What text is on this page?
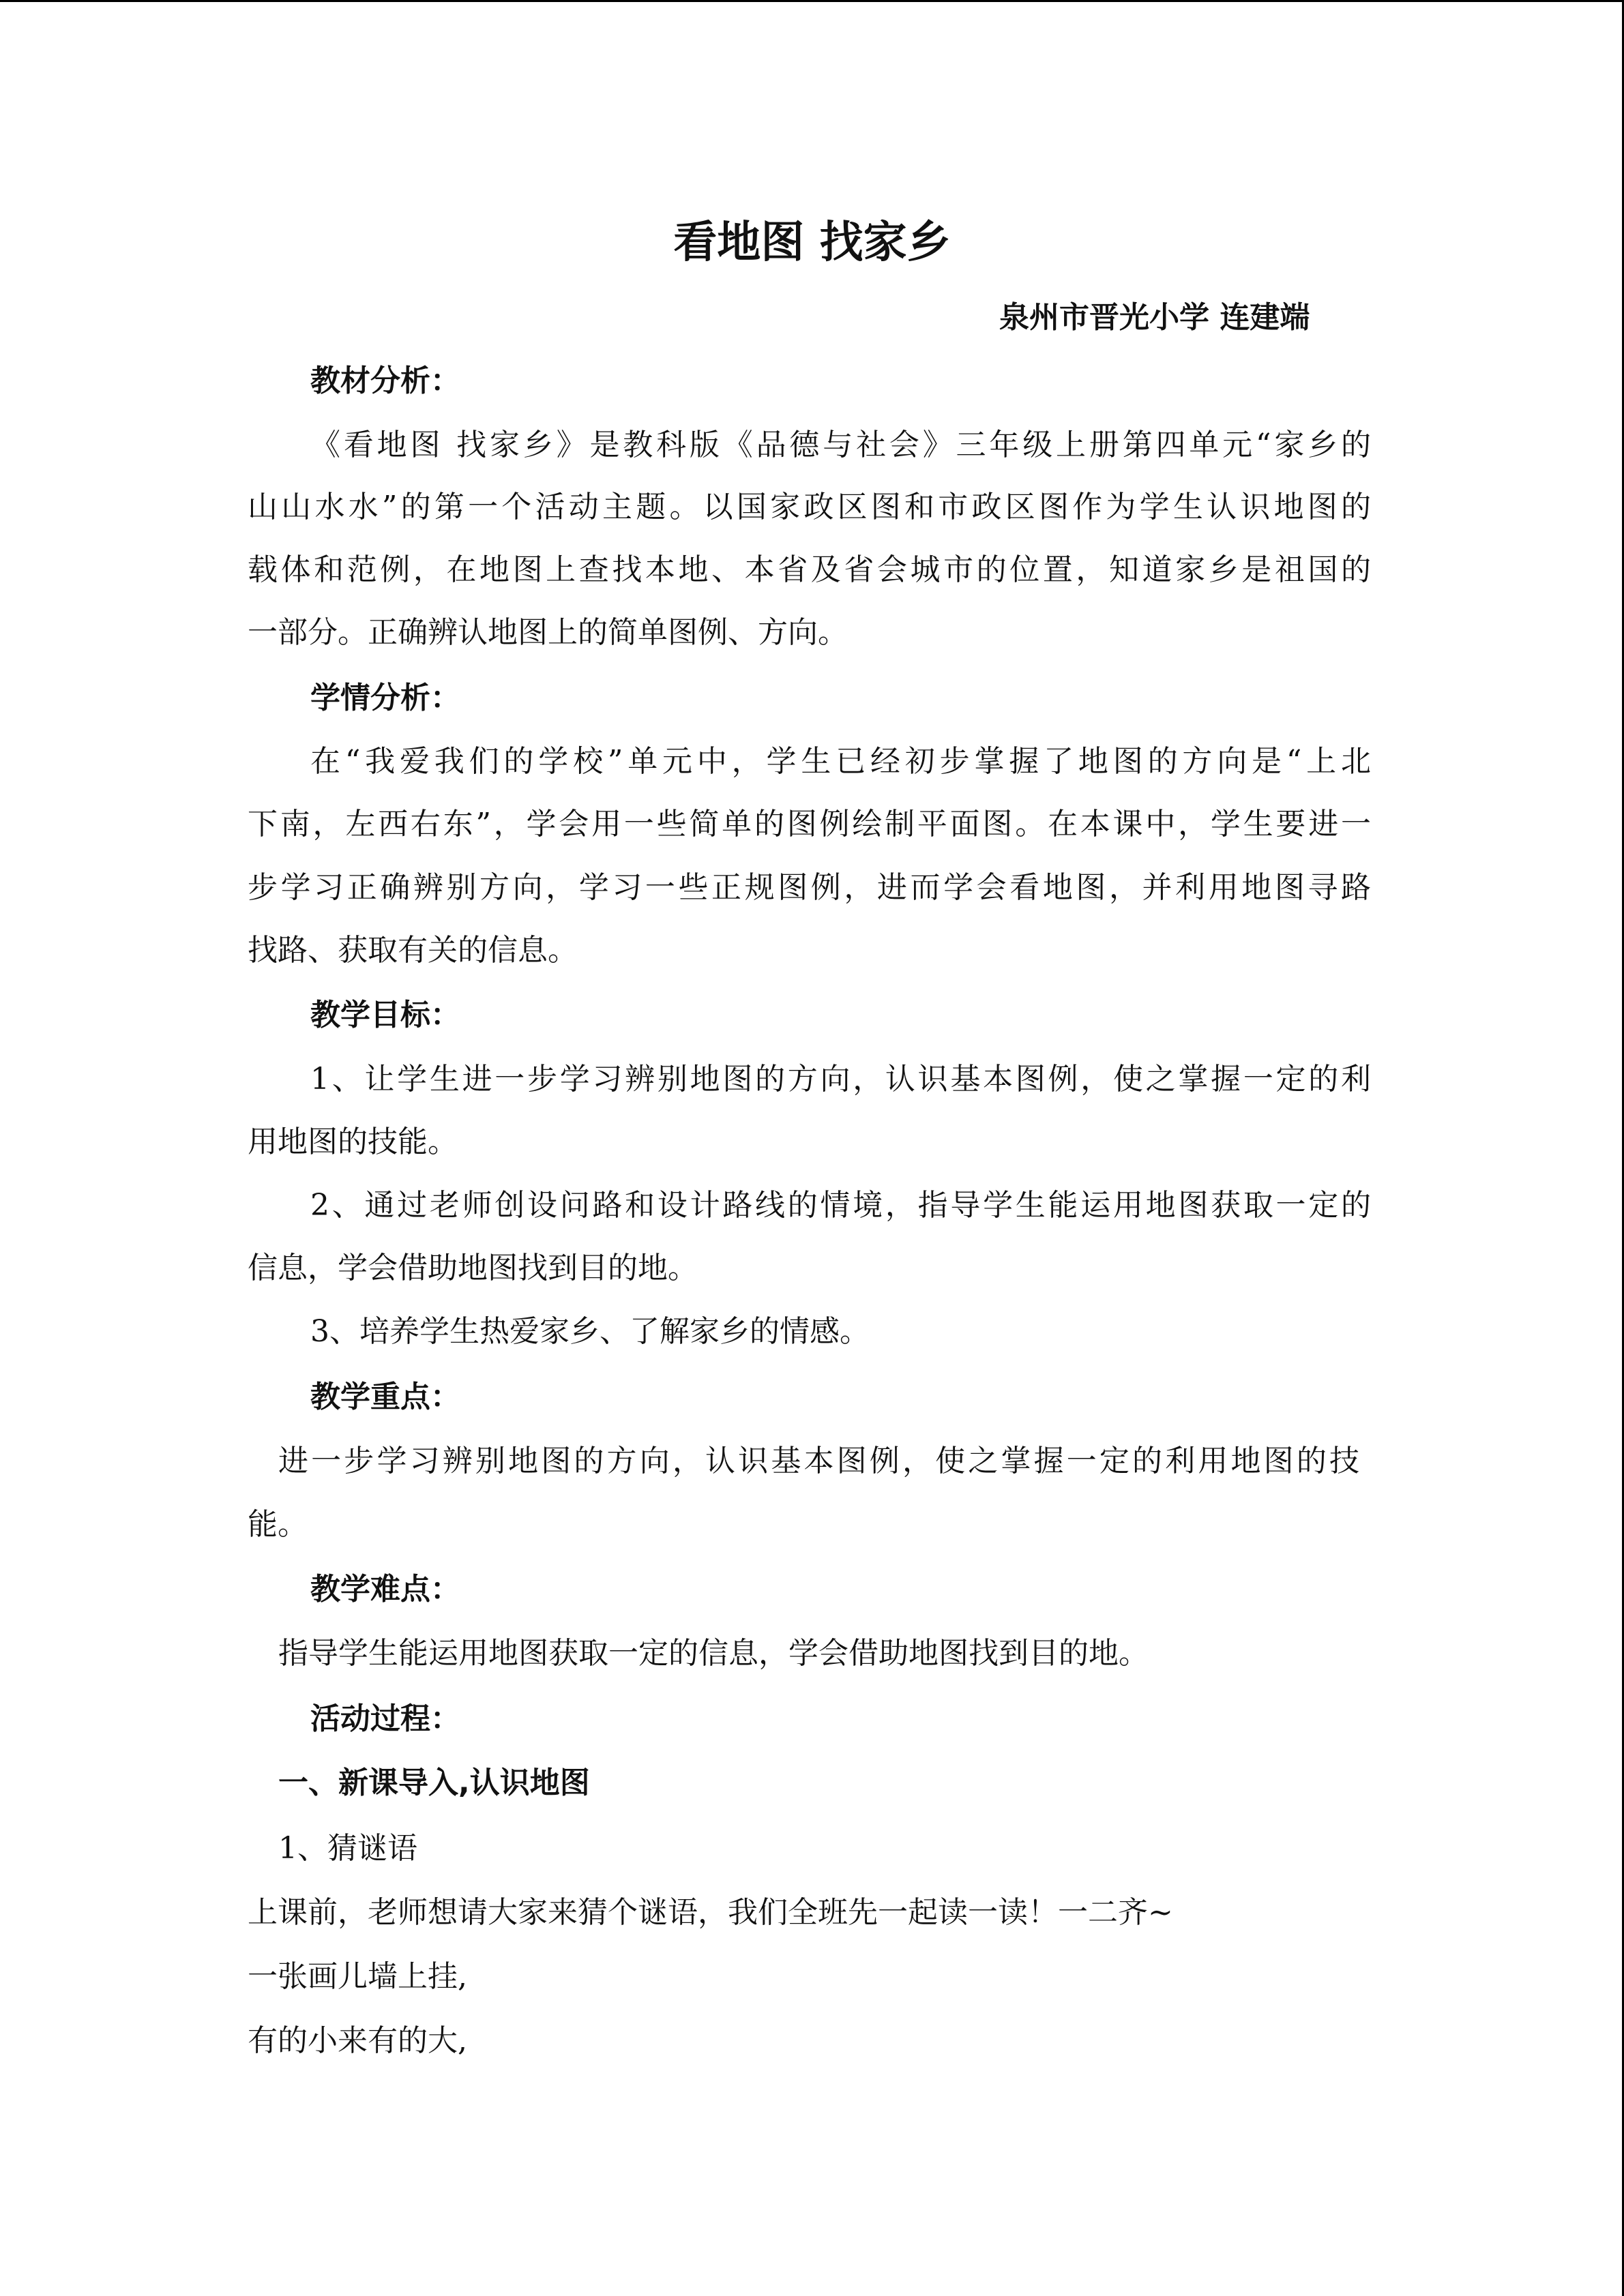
看地图 找家乡
泉州市晋光小学 连建端
教材分析：
《看地图 找家乡》是教科版《品德与社会》三年级上册第四单元“家乡的
山山水水”的第一个活动主题。以国家政区图和市政区图作为学生认识地图的
载体和范例，在地图上查找本地、本省及省会城市的位置，知道家乡是祖国的
一部分。正确辨认地图上的简单图例、方向。
学情分析：
在“我爱我们的学校”单元中，学生已经初步掌握了地图的方向是“上北
下南，左西右东”，学会用一些简单的图例绘制平面图。在本课中，学生要进一
步学习正确辨别方向，学习一些正规图例，进而学会看地图，并利用地图寻路
找路、获取有关的信息。
教学目标：
1、让学生进一步学习辨别地图的方向，认识基本图例，使之掌握一定的利
用地图的技能。
2、通过老师创设问路和设计路线的情境，指导学生能运用地图获取一定的
信息，学会借助地图找到目的地。
3、培养学生热爱家乡、了解家乡的情感。
教学重点：
进一步学习辨别地图的方向，认识基本图例，使之掌握一定的利用地图的技
能。
教学难点：
指导学生能运用地图获取一定的信息，学会借助地图找到目的地。
活动过程：
一、新课导入,认识地图
1、猜谜语
上课前，老师想请大家来猜个谜语，我们全班先一起读一读！一二齐~
一张画儿墙上挂,
有的小来有的大,
